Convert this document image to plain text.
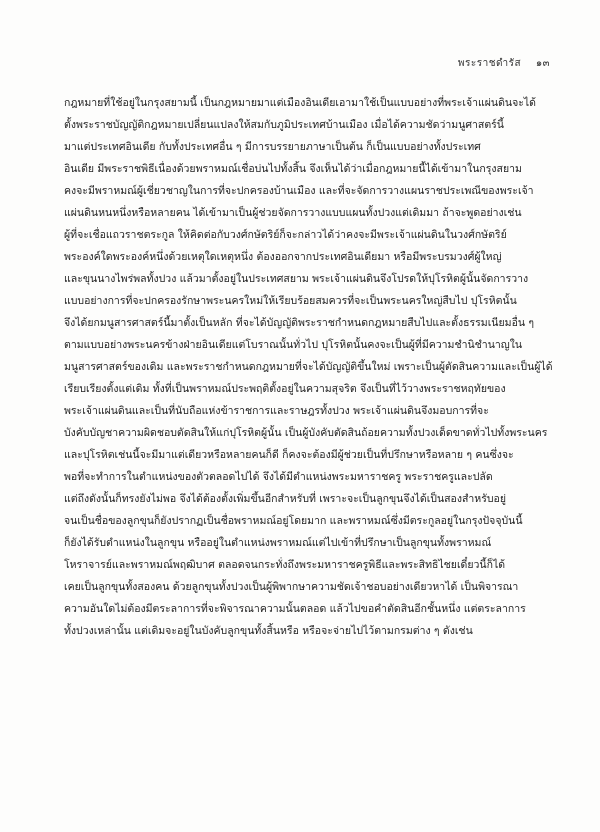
พระราชดำรัส ๑๓
กฎหมายที่ใช้อยู่ในกรุงสยามนี้ เป็นกฎหมายมาแต่เมืองอินเดียเอามาใช้เป็นแบบอย่างที่พระเจ้าแผ่นดินจะได้
ตั้งพระราชบัญญัติกฎหมายเปลี่ยนแปลงให้สมกับภูมิประเทศบ้านเมือง เมื่อได้ความชัดว่ามนูศาสตร์นี้
มาแต่ประเทศอินเดีย กับทั้งประเทศอื่น ๆ มีการบรรยายภาษาเป็นต้น ก็เป็นแบบอย่างทั้งประเทศ
อินเดีย มีพระราชพิธีเนื่องด้วยพราหมณ์เชื่อบ่นไปทั้งสิ้น จึงเห็นได้ว่าเมื่อกฎหมายนี้ได้เข้ามาในกรุงสยาม
คงจะมีพราหมณ์ผู้เชี่ยวชาญในการที่จะปกครองบ้านเมือง และที่จะจัดการวางแผนราชประเพณีของพระเจ้า
แผ่นดินหนหนึ่งหรือหลายคน ได้เข้ามาเป็นผู้ช่วยจัดการวางแบบแผนทั้งปวงแต่เดิมมา ถ้าจะพูดอย่างเช่น
ผู้ที่จะเชื่อแถวราชตระกูล ให้คิดต่อกับวงศ์กษัตริย์ก็จะกล่าวได้ว่าคงจะมีพระเจ้าแผ่นดินในวงศ์กษัตริย์
พระองค์ใดพระองค์หนึ่งด้วยเหตุใดเหตุหนึ่ง ต้องออกจากประเทศอินเดียมา หรือมีพระบรมวงศ์ผู้ใหญ่
และขุนนางไพร่พลทั้งปวง แล้วมาตั้งอยู่ในประเทศสยาม พระเจ้าแผ่นดินจึงโปรดให้ปุโรหิตผู้นั้นจัดการวาง
แบบอย่างการที่จะปกครองรักษาพระนครใหม่ให้เรียบร้อยสมควรที่จะเป็นพระนครใหญ่สืบไป ปุโรหิตนั้น
จึงได้ยกมนูสารศาสตร์นี้มาตั้งเป็นหลัก ที่จะได้บัญญัติพระราชกำหนดกฎหมายสืบไปและตั้งธรรมเนียมอื่น ๆ
ตามแบบอย่างพระนครข้างฝ่ายอินเดียแต่โบราณนั้นทั่วไป ปุโรหิตนั้นคงจะเป็นผู้ที่มีความชำนิชำนาญใน
มนูสารศาสตร์ของเดิม และพระราชกำหนดกฎหมายที่จะได้บัญญัติขึ้นใหม่ เพราะเป็นผู้ตัดสินความและเป็นผู้ได้
เรียบเรียงตั้งแต่เดิม ทั้งที่เป็นพราหมณ์ประพฤติตั้งอยู่ในความสุจริต จึงเป็นที่ไว้วางพระราชหฤทัยของ
พระเจ้าแผ่นดินและเป็นที่นับถือแห่งข้าราชการและราษฎรทั้งปวง พระเจ้าแผ่นดินจึงมอบการที่จะ
บังคับบัญชาความผิดชอบตัดสินให้แก่ปุโรหิตผู้นั้น เป็นผู้บังคับตัดสินถ้อยความทั้งปวงเด็ดขาดทั่วไปทั้งพระนคร
และปุโรหิตเช่นนี้จะมีมาแต่เดียวหรือหลายคนก็ดี ก็คงจะต้องมีผู้ช่วยเป็นที่ปรึกษาหรือหลาย ๆ คนซึ่งจะ
พอที่จะทำการในตำแหน่งของตัวตลอดไปได้ จึงได้มีตำแหน่งพระมหาราชครู พระราชครูและปลัด
แต่ถึงดังนั้นก็ทรงยังไม่พอ จึงได้ต้องตั้งเพิ่มขึ้นอีกสำหรับที่ เพราะจะเป็นลูกขุนจึงได้เป็นสองสำหรับอยู่
จนเป็นชื่อของลูกขุนก็ยังปรากฏเป็นชื่อพราหมณ์อยู่โดยมาก และพราหมณ์ซึ่งมีตระกูลอยู่ในกรุงปัจจุบันนี้
ก็ยังได้รับตำแหน่งในลูกขุน หรืออยู่ในตำแหน่งพราหมณ์แต่ไปเข้าที่ปรึกษาเป็นลูกขุนทั้งพราหมณ์
โหราจารย์และพราหมณ์พฤฒิบาศ ตลอดจนกระทั่งถึงพระมหาราชครูพิธีและพระสิทธิไชยเดี๋ยวนี้ก็ได้
เคยเป็นลูกขุนทั้งสองคน ด้วยลูกขุนทั้งปวงเป็นผู้พิพากษาความชัดเจ้าชอบอย่างเดียวหาได้ เป็นพิจารณา
ความอันใดไม่ต้องมีตระลาการที่จะพิจารณาความนั้นตลอด แล้วไปขอคำตัดสินอีกชั้นหนึ่ง แต่ตระลาการ
ทั้งปวงเหล่านั้น แต่เดิมจะอยู่ในบังคับลูกขุนทั้งสิ้นหรือ หรือจะจ่ายไปไว้ตามกรมต่าง ๆ ดังเช่น
